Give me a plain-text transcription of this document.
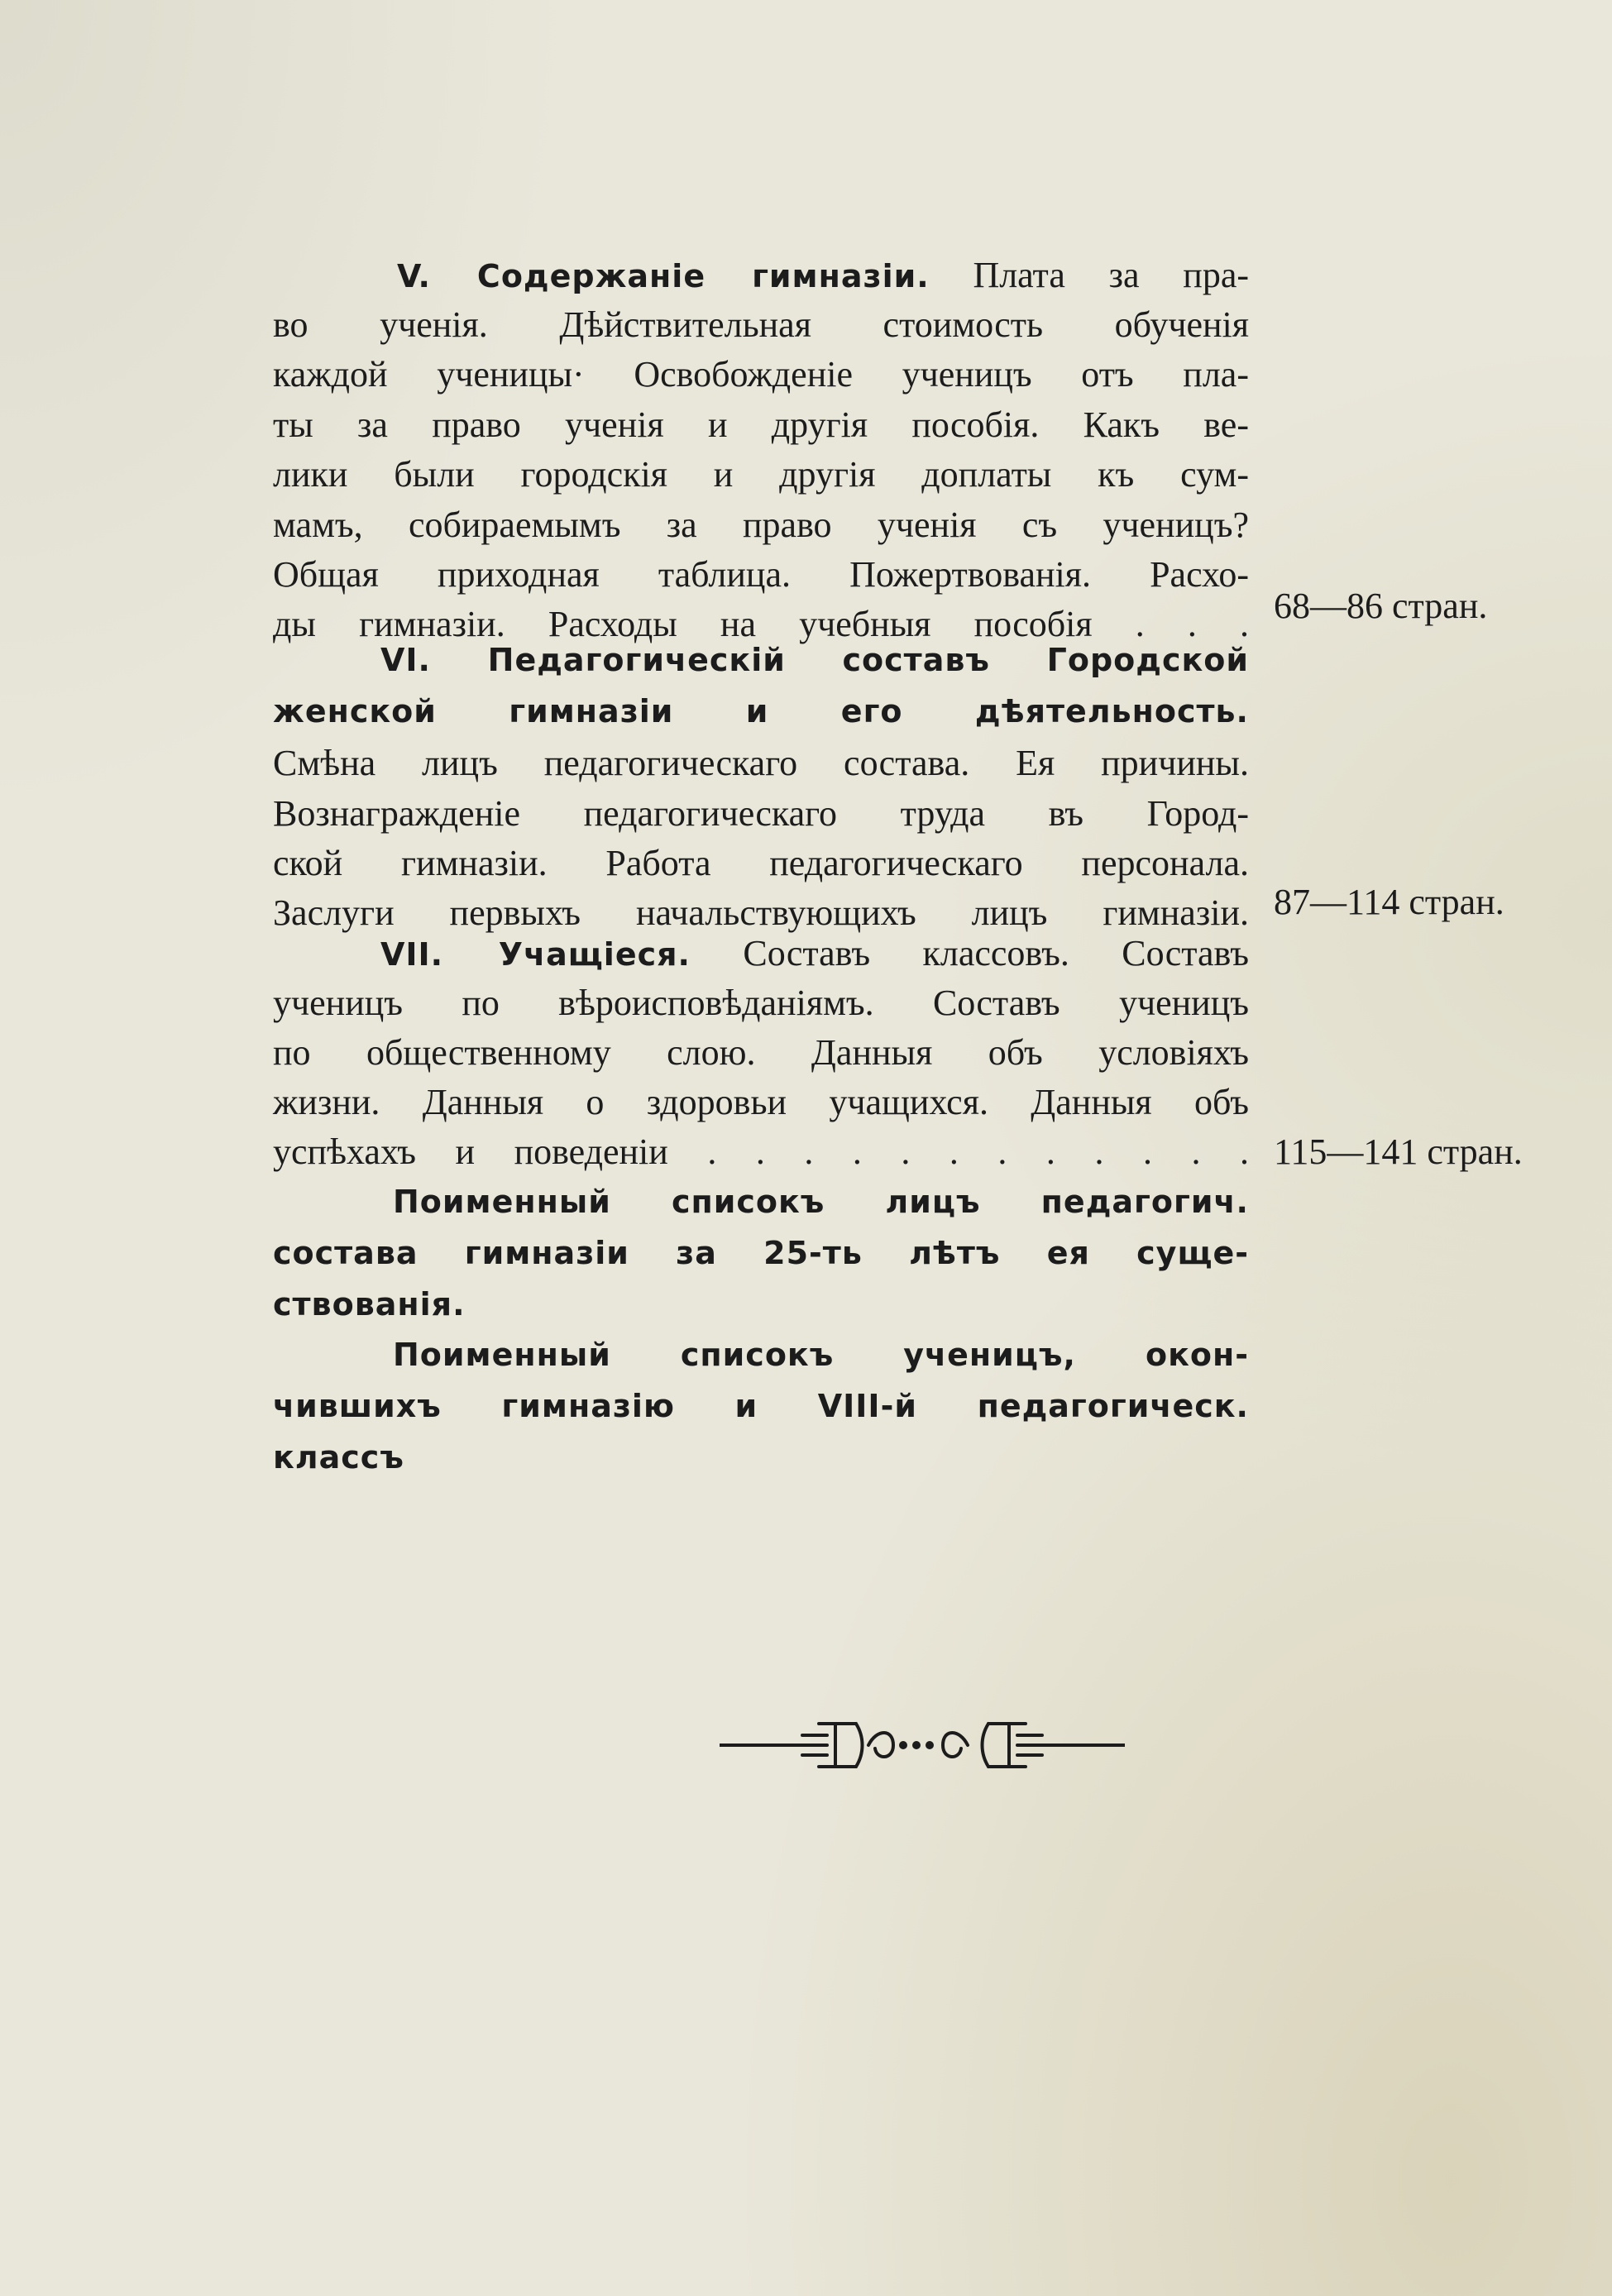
V. Содержаніе гимназіи. Плата за пра-
во ученія. Дѣйствительная стоимость обученія
каждой ученицы· Освобожденіе ученицъ отъ пла-
ты за право ученія и другія пособія. Какъ ве-
лики были городскія и другія доплаты къ сум-
мамъ, собираемымъ за право ученія съ ученицъ?
Общая приходная таблица. Пожертвованія. Расхо-
ды гимназіи. Расходы на учебныя пособія . . . 68—86 стран.
VI. Педагогическій составъ Городской
женской гимназіи и его дѣятельность.
Смѣна лицъ педагогическаго состава. Ея причины.
Вознагражденіе педагогическаго труда въ Город-
ской гимназіи. Работа педагогическаго персонала.
Заслуги первыхъ начальствующихъ лицъ гимназіи. 87—114 стран.
VII. Учащіеся. Составъ классовъ. Составъ
ученицъ по вѣроисповѣданіямъ. Составъ ученицъ
по общественному слою. Данныя объ условіяхъ
жизни. Данныя о здоровьи учащихся. Данныя объ
успѣхахъ и поведеніи . . . . . . . . . . . . 115—141 стран.
Поименный списокъ лицъ педагогич.
состава гимназіи за 25-ть лѣтъ ея суще-
ствованія.
Поименный списокъ ученицъ, окон-
чившихъ гимназію и VIII-й педагогическ.
классъ
